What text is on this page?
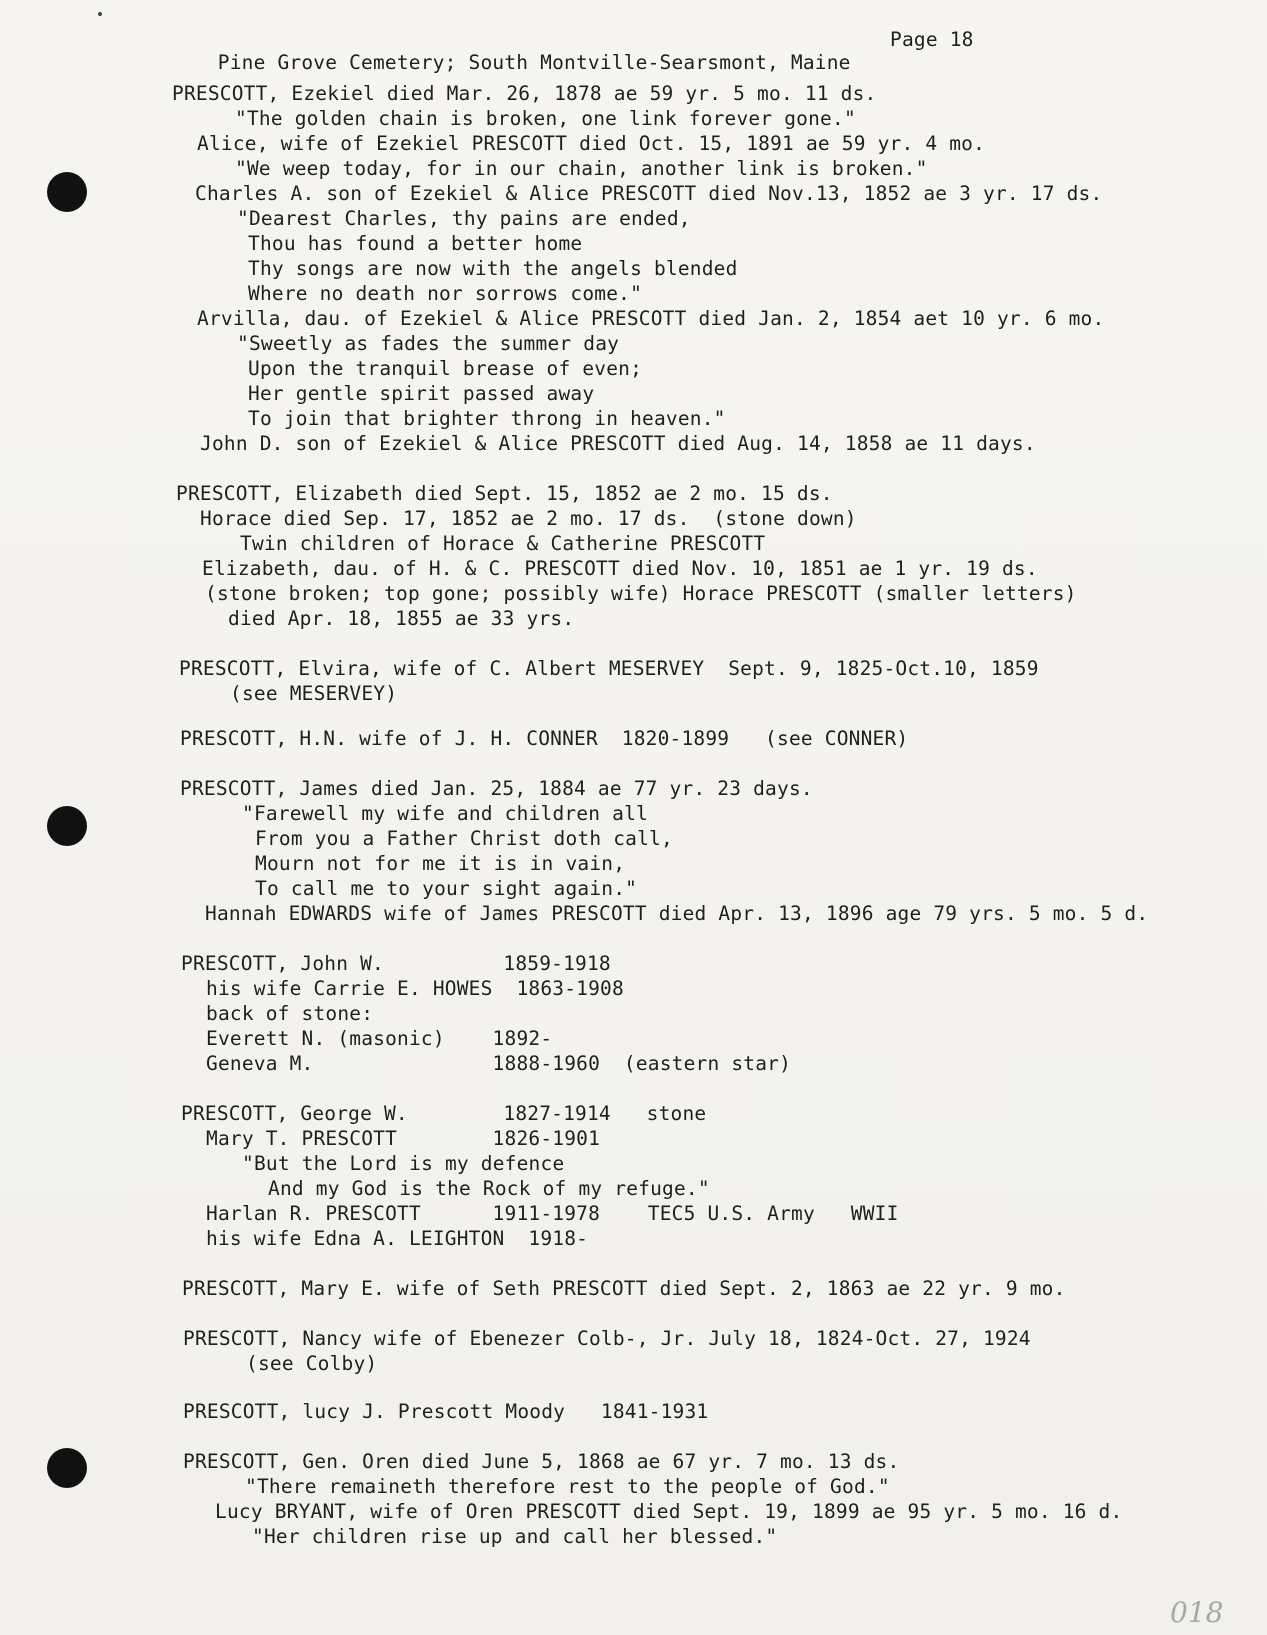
Pine Grove Cemetery; South Montville-Searsmont, Maine

Page 18

PRESCOTT, Ezekiel died Mar. 26, 1878 ae 59 yr. 5 mo. 11 ds.
"The golden chain is broken, one link forever gone."
Alice, wife of Ezekiel PRESCOTT died Oct. 15, 1891 ae 59 yr. 4 mo.
"We weep today, for in our chain, another link is broken."
Charles A. son of Ezekiel & Alice PRESCOTT died Nov.13, 1852 ae 3 yr. 17 ds.
"Dearest Charles, thy pains are ended,
Thou has found a better home
Thy songs are now with the angels blended
Where no death nor sorrows come."
Arvilla, dau. of Ezekiel & Alice PRESCOTT died Jan. 2, 1854 aet 10 yr. 6 mo.
"Sweetly as fades the summer day
Upon the tranquil brease of even;
Her gentle spirit passed away
To join that brighter throng in heaven."
John D. son of Ezekiel & Alice PRESCOTT died Aug. 14, 1858 ae 11 days.
PRESCOTT, Elizabeth died Sept. 15, 1852 ae 2 mo. 15 ds.
Horace died Sep. 17, 1852 ae 2 mo. 17 ds.  (stone down)
Twin children of Horace & Catherine PRESCOTT
Elizabeth, dau. of H. & C. PRESCOTT died Nov. 10, 1851 ae 1 yr. 19 ds.
(stone broken; top gone; possibly wife) Horace PRESCOTT (smaller letters)
died Apr. 18, 1855 ae 33 yrs.
PRESCOTT, Elvira, wife of C. Albert MESERVEY  Sept. 9, 1825-Oct.10, 1859
(see MESERVEY)
PRESCOTT, H.N. wife of J. H. CONNER  1820-1899   (see CONNER)
PRESCOTT, James died Jan. 25, 1884 ae 77 yr. 23 days.
"Farewell my wife and children all
From you a Father Christ doth call,
Mourn not for me it is in vain,
To call me to your sight again."
Hannah EDWARDS wife of James PRESCOTT died Apr. 13, 1896 age 79 yrs. 5 mo. 5 d.
PRESCOTT, John W.          1859-1918
his wife Carrie E. HOWES  1863-1908
back of stone:
Everett N. (masonic)    1892-
Geneva M.               1888-1960  (eastern star)
PRESCOTT, George W.        1827-1914   stone
Mary T. PRESCOTT        1826-1901
"But the Lord is my defence
And my God is the Rock of my refuge."
Harlan R. PRESCOTT      1911-1978    TEC5 U.S. Army   WWII
his wife Edna A. LEIGHTON  1918-
PRESCOTT, Mary E. wife of Seth PRESCOTT died Sept. 2, 1863 ae 22 yr. 9 mo.
PRESCOTT, Nancy wife of Ebenezer Colb-, Jr. July 18, 1824-Oct. 27, 1924
(see Colby)
PRESCOTT, lucy J. Prescott Moody   1841-1931
PRESCOTT, Gen. Oren died June 5, 1868 ae 67 yr. 7 mo. 13 ds.
"There remaineth therefore rest to the people of God."
Lucy BRYANT, wife of Oren PRESCOTT died Sept. 19, 1899 ae 95 yr. 5 mo. 16 d.
"Her children rise up and call her blessed."
018
